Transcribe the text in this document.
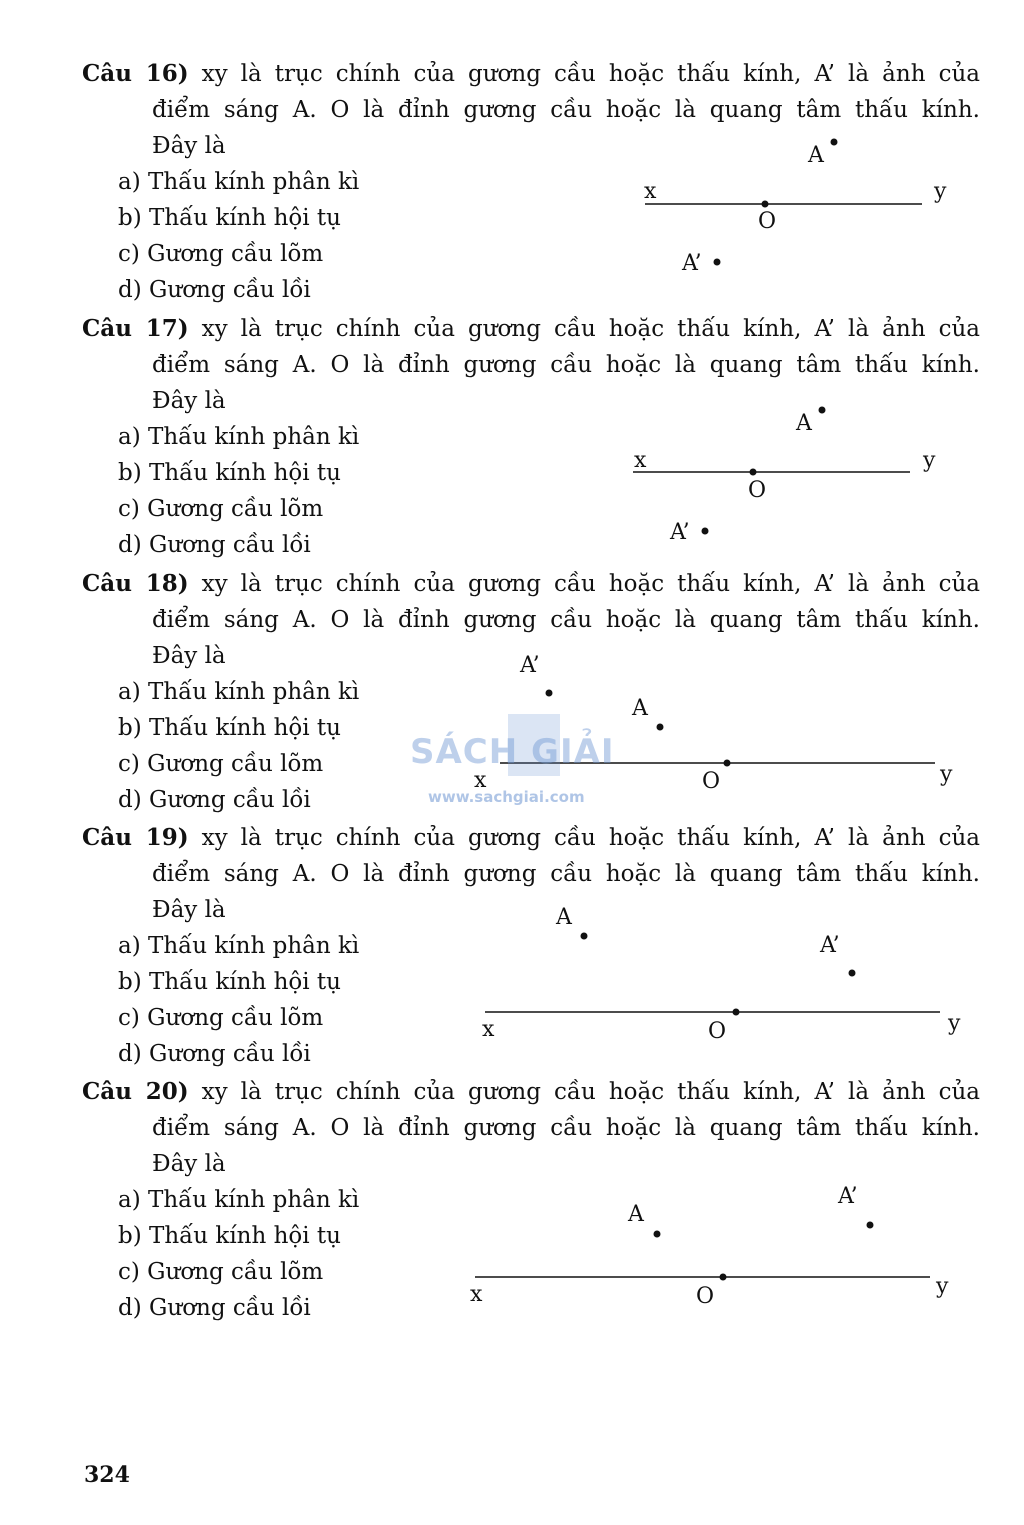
Câu 16) xy là trục chính của gương cầu hoặc thấu kính, A’ là ảnh của
điểm sáng A. O là đỉnh gương cầu hoặc là quang tâm thấu kính.
Đây là
a) Thấu kính phân kì
b) Thấu kính hội tụ
c) Gương cầu lõm
d) Gương cầu lồi
x	y
O
A
A’
Câu 17) xy là trục chính của gương cầu hoặc thấu kính, A’ là ảnh của
điểm sáng A. O là đỉnh gương cầu hoặc là quang tâm thấu kính.
Đây là
a) Thấu kính phân kì
b) Thấu kính hội tụ
c) Gương cầu lõm
d) Gương cầu lồi
x	y
O
A
A’
Câu 18) xy là trục chính của gương cầu hoặc thấu kính, A’ là ảnh của
điểm sáng A. O là đỉnh gương cầu hoặc là quang tâm thấu kính.
Đây là
a) Thấu kính phân kì
b) Thấu kính hội tụ
c) Gương cầu lõm
d) Gương cầu lồi
x	y
O
A
A’
Câu 19) xy là trục chính của gương cầu hoặc thấu kính, A’ là ảnh của
điểm sáng A. O là đỉnh gương cầu hoặc là quang tâm thấu kính.
Đây là
a) Thấu kính phân kì
b) Thấu kính hội tụ
c) Gương cầu lõm
d) Gương cầu lồi
x	y
O
A
A’
Câu 20) xy là trục chính của gương cầu hoặc thấu kính, A’ là ảnh của
điểm sáng A. O là đỉnh gương cầu hoặc là quang tâm thấu kính.
Đây là
a) Thấu kính phân kì
b) Thấu kính hội tụ
c) Gương cầu lõm
d) Gương cầu lồi
x	y
O
A
A’
SÁCH GIẢI
www.sachgiai.com
324
